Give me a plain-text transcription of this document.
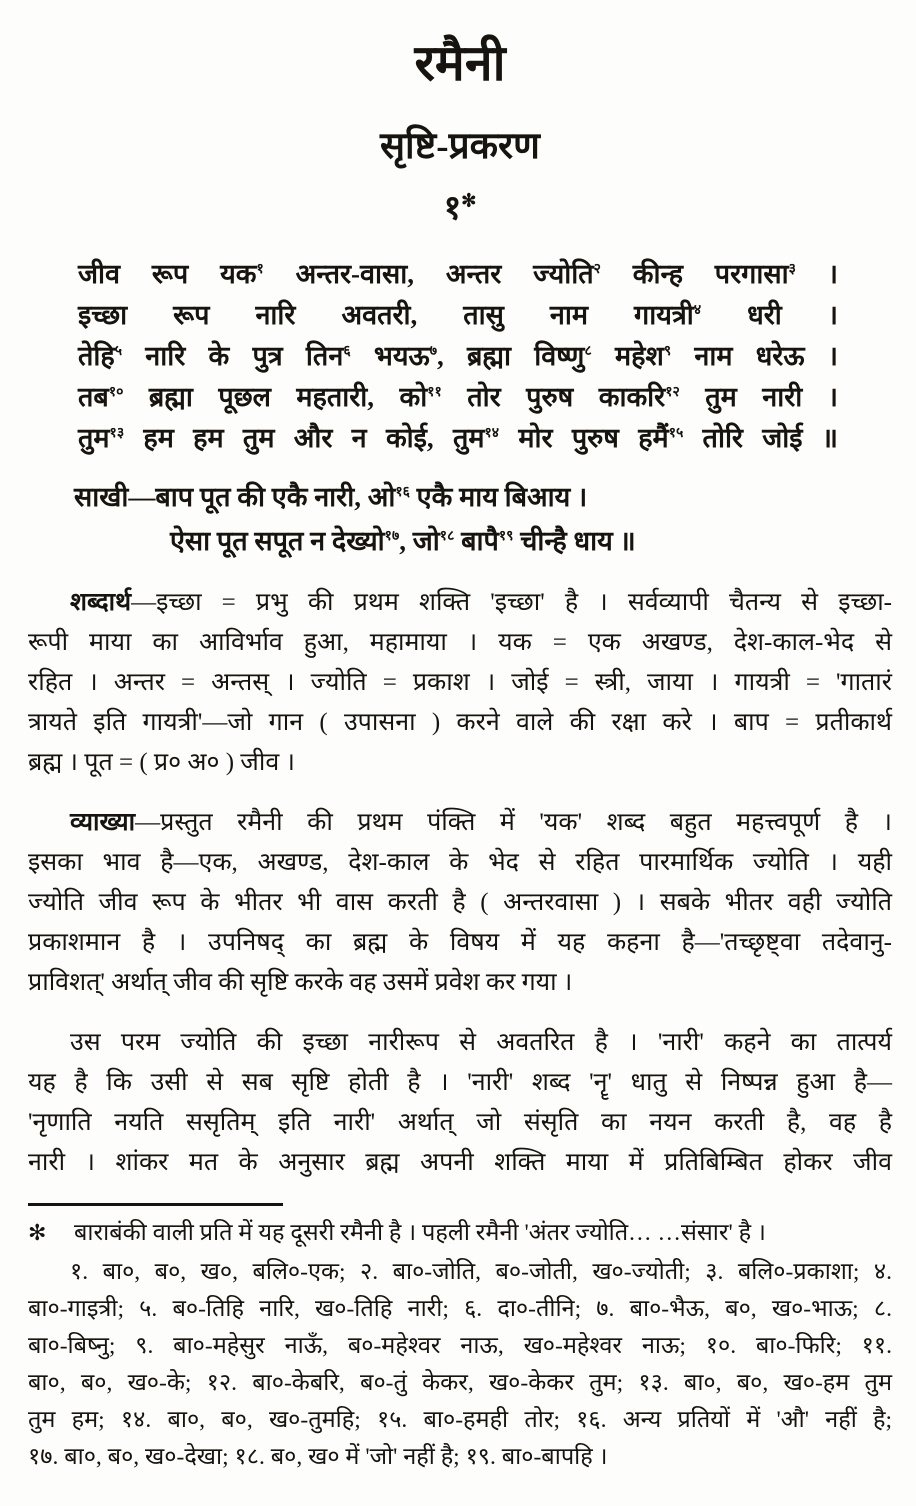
रमैनी
सृष्टि-प्रकरण
१✻
जीव रूप यक$^१$ अन्तर-वासा, अन्तर ज्योति$^२$ कीन्ह परगासा$^३$ ।
इच्छा रूप नारि अवतरी, तासु नाम गायत्री$^४$ धरी ।
तेहि$^५$ नारि के पुत्र तिन$^६$ भयऊ$^७$, ब्रह्मा विष्णु$^८$ महेश$^९$ नाम धरेऊ ।
तब$^{१०}$ ब्रह्मा पूछल महतारी, को$^{११}$ तोर पुरुष काकरि$^{१२}$ तुम नारी ।
तुम$^{१३}$ हम हम तुम और न कोई, तुम$^{१४}$ मोर पुरुष हमैं$^{१५}$ तोरि जोई ॥
साखी—बाप पूत की एकै नारी, ओ$^{१६}$ एकै माय बिआय ।
ऐसा पूत सपूत न देख्यो$^{१७}$, जो$^{१८}$ बापै$^{१९}$ चीन्है धाय ॥
शब्दार्थ—इच्छा = प्रभु की प्रथम शक्ति 'इच्छा' है । सर्वव्यापी चैतन्य से इच्छा-
रूपी माया का आविर्भाव हुआ, महामाया । यक = एक अखण्ड, देश-काल-भेद से
रहित । अन्तर = अन्तस् । ज्योति = प्रकाश । जोई = स्त्री, जाया । गायत्री = 'गातारं
त्रायते इति गायत्री'—जो गान ( उपासना ) करने वाले की रक्षा करे । बाप = प्रतीकार्थ
ब्रह्म । पूत = ( प्र० अ० ) जीव ।
व्याख्या—प्रस्तुत रमैनी की प्रथम पंक्ति में 'यक' शब्द बहुत महत्त्वपूर्ण है ।
इसका भाव है—एक, अखण्ड, देश-काल के भेद से रहित पारमार्थिक ज्योति । यही
ज्योति जीव रूप के भीतर भी वास करती है ( अन्तरवासा ) । सबके भीतर वही ज्योति
प्रकाशमान है । उपनिषद् का ब्रह्म के विषय में यह कहना है—'तच्छृष्ट्वा तदेवानु-
प्राविशत्' अर्थात् जीव की सृष्टि करके वह उसमें प्रवेश कर गया ।
उस परम ज्योति की इच्छा नारीरूप से अवतरित है । 'नारी' कहने का तात्पर्य
यह है कि उसी से सब सृष्टि होती है । 'नारी' शब्द 'नॄ' धातु से निष्पन्न हुआ है—
'नृणाति नयति ससृतिम् इति नारी' अर्थात् जो संसृति का नयन करती है, वह है
नारी । शांकर मत के अनुसार ब्रह्म अपनी शक्ति माया में प्रतिबिम्बित होकर जीव
✻ बाराबंकी वाली प्रति में यह दूसरी रमैनी है । पहली रमैनी 'अंतर ज्योति… …संसार' है ।
१. बा०, ब०, ख०, बलि०-एक; २. बा०-जोति, ब०-जोती, ख०-ज्योती; ३. बलि०-प्रकाशा; ४.
बा०-गाइत्री; ५. ब०-तिहि नारि, ख०-तिहि नारी; ६. दा०-तीनि; ७. बा०-भैऊ, ब०, ख०-भाऊ; ८.
बा०-बिष्नु; ९. बा०-महेसुर नाऊँ, ब०-महेश्वर नाऊ, ख०-महेश्वर नाऊ; १०. बा०-फिरि; ११.
बा०, ब०, ख०-के; १२. बा०-केबरि, ब०-तुं केकर, ख०-केकर तुम; १३. बा०, ब०, ख०-हम तुम
तुम हम; १४. बा०, ब०, ख०-तुमहि; १५. बा०-हमही तोर; १६. अन्य प्रतियों में 'औ' नहीं है;
१७. बा०, ब०, ख०-देखा; १८. ब०, ख० में 'जो' नहीं है; १९. बा०-बापहि ।
